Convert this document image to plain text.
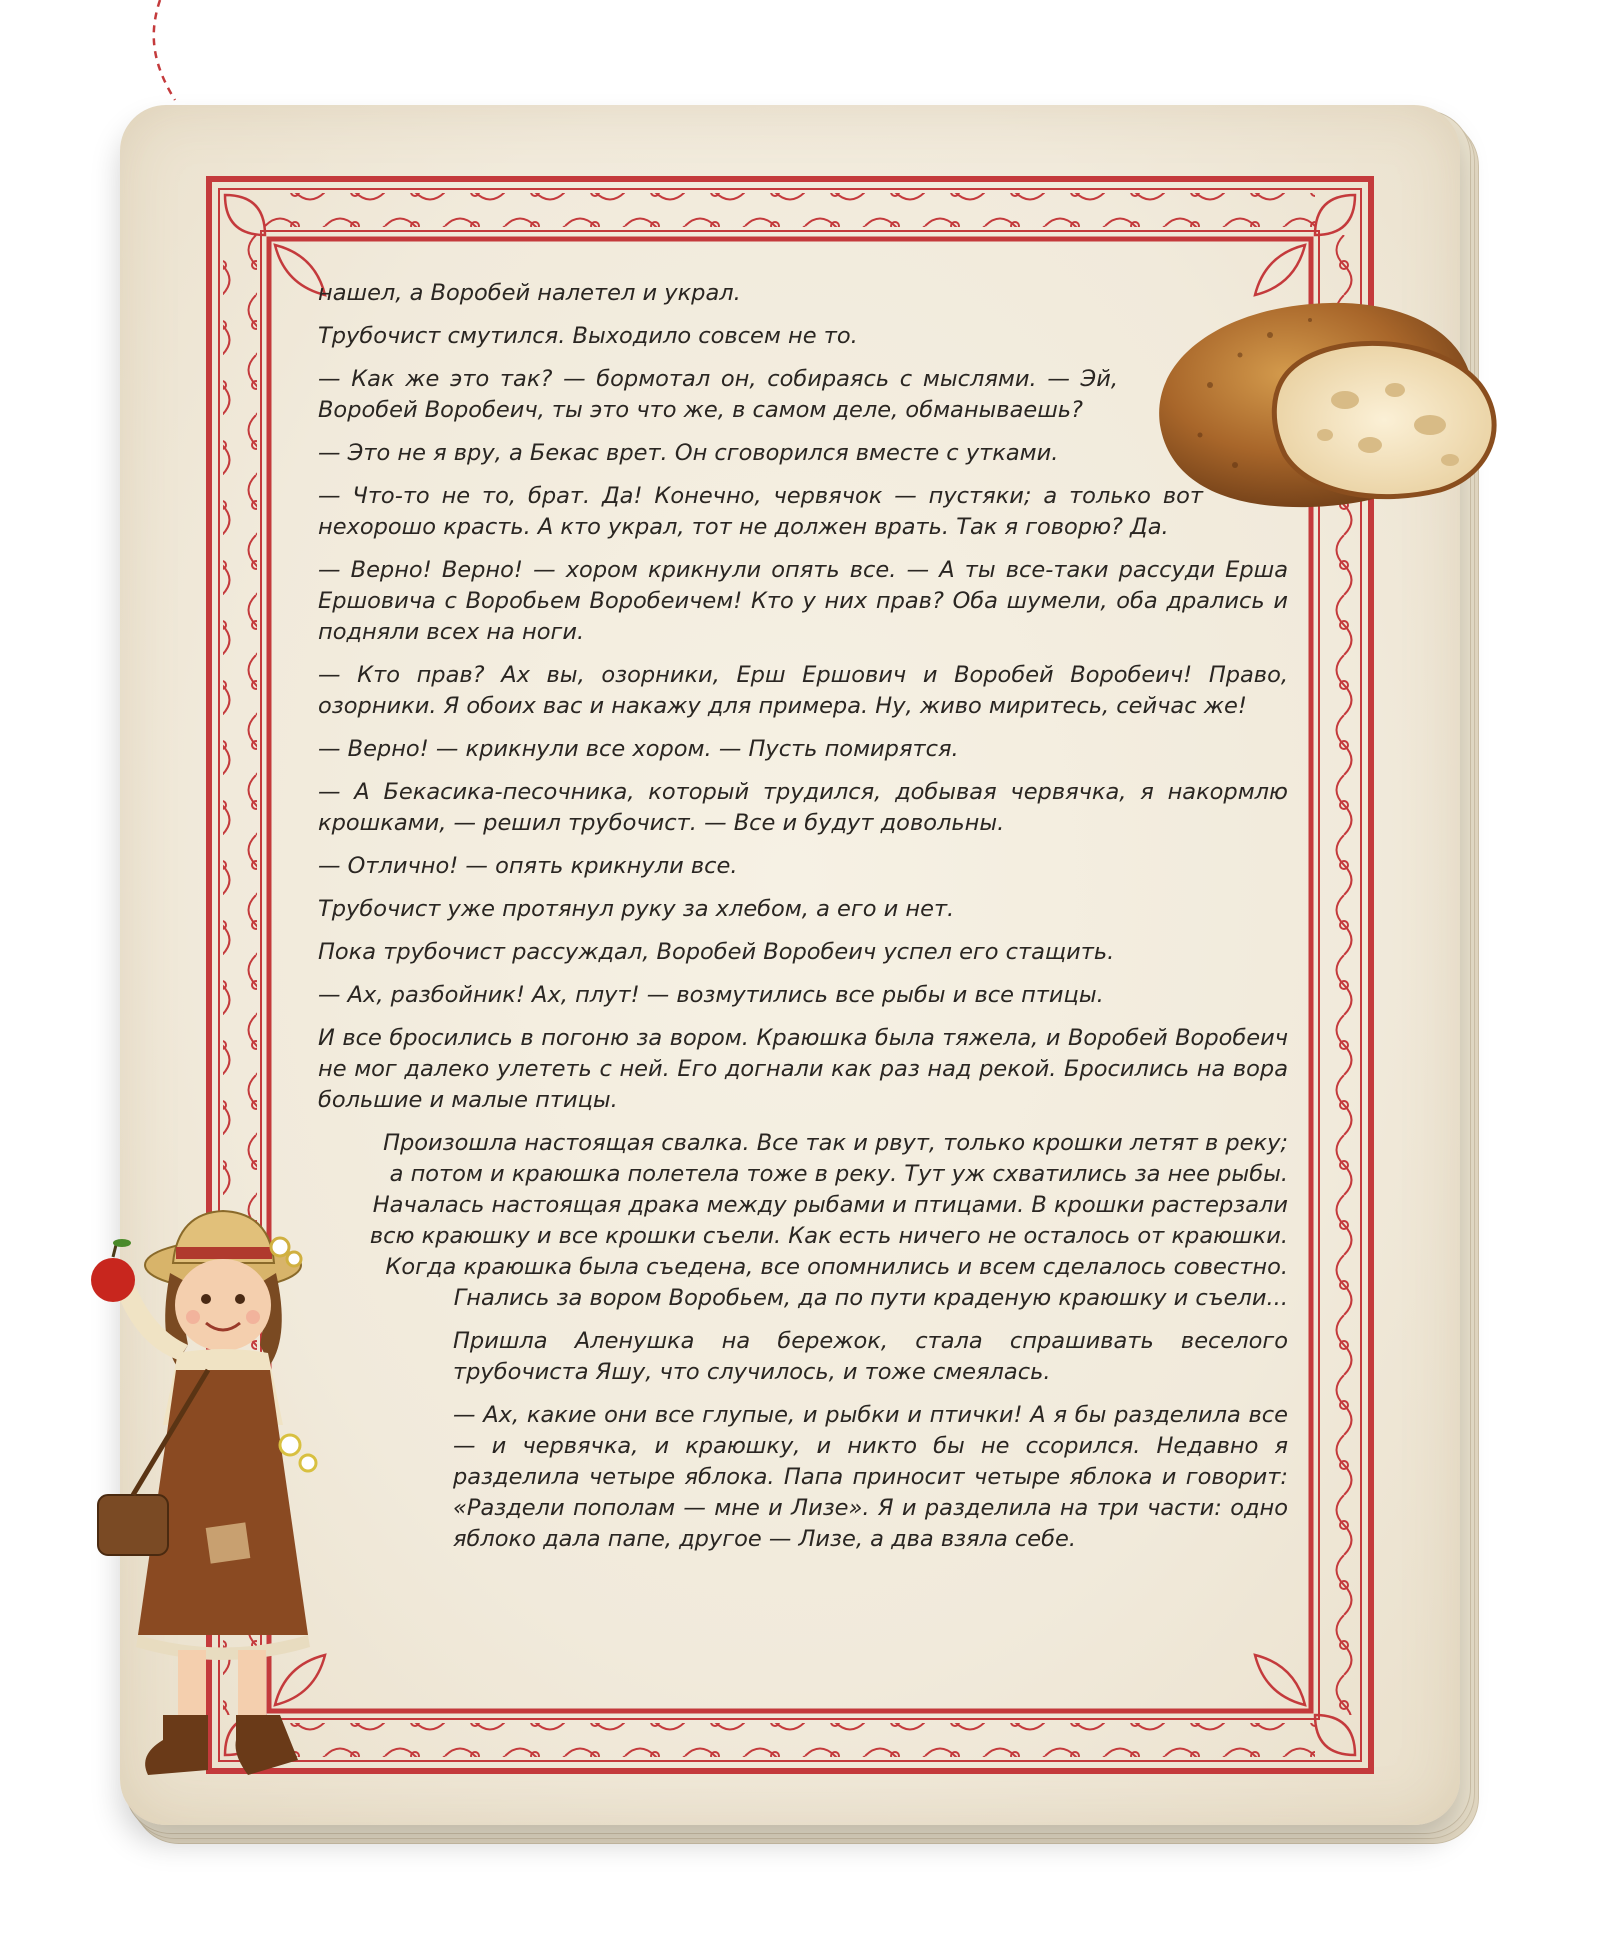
нашел, а Воробей налетел и украл.

Трубочист смутился. Выходило совсем не то.

— Как же это так? — бормотал он, собираясь с мыслями. — Эй, Воробей Воробеич, ты это что же, в самом деле, обманываешь?

— Это не я вру, а Бекас врет. Он сговорился вместе с утками.

— Что-то не то, брат. Да! Конечно, червячок — пустяки; а только вот нехорошо красть. А кто украл, тот не должен врать. Так я говорю? Да.

— Верно! Верно! — хором крикнули опять все. — А ты все-таки рассуди Ерша Ершовича с Воробьем Воробеичем! Кто у них прав? Оба шумели, оба дрались и подняли всех на ноги.

— Кто прав? Ах вы, озорники, Ерш Ершович и Воробей Воробеич! Право, озорники. Я обоих вас и накажу для примера. Ну, живо миритесь, сейчас же!

— Верно! — крикнули все хором. — Пусть помирятся.

— А Бекасика-песочника, который трудился, добывая червячка, я накормлю крошками, — решил трубочист. — Все и будут довольны.

— Отлично! — опять крикнули все.

Трубочист уже протянул руку за хлебом, а его и нет.

Пока трубочист рассуждал, Воробей Воробеич успел его стащить.

— Ах, разбойник! Ах, плут! — возмутились все рыбы и все птицы.

И все бросились в погоню за вором. Краюшка была тяжела, и Воробей Воробеич не мог далеко улететь с ней. Его догнали как раз над рекой. Бросились на вора большие и малые птицы.

Произошла настоящая свалка. Все так и рвут, только крошки летят в реку; а потом и краюшка полетела тоже в реку. Тут уж схватились за нее рыбы. Началась настоящая драка между рыбами и птицами. В крошки растерзали всю краюшку и все крошки съели. Как есть ничего не осталось от краюшки. Когда краюшка была съедена, все опомнились и всем сделалось совестно. Гнались за вором Воробьем, да по пути краденую краюшку и съели...

Пришла Аленушка на бережок, стала спрашивать веселого трубочиста Яшу, что случилось, и тоже смеялась.

— Ах, какие они все глупые, и рыбки и птички! А я бы разделила все — и червячка, и краюшку, и никто бы не ссорился. Недавно я разделила четыре яблока. Папа приносит четыре яблока и говорит: «Раздели пополам — мне и Лизе». Я и разделила на три части: одно яблоко дала папе, другое — Лизе, а два взяла себе.
